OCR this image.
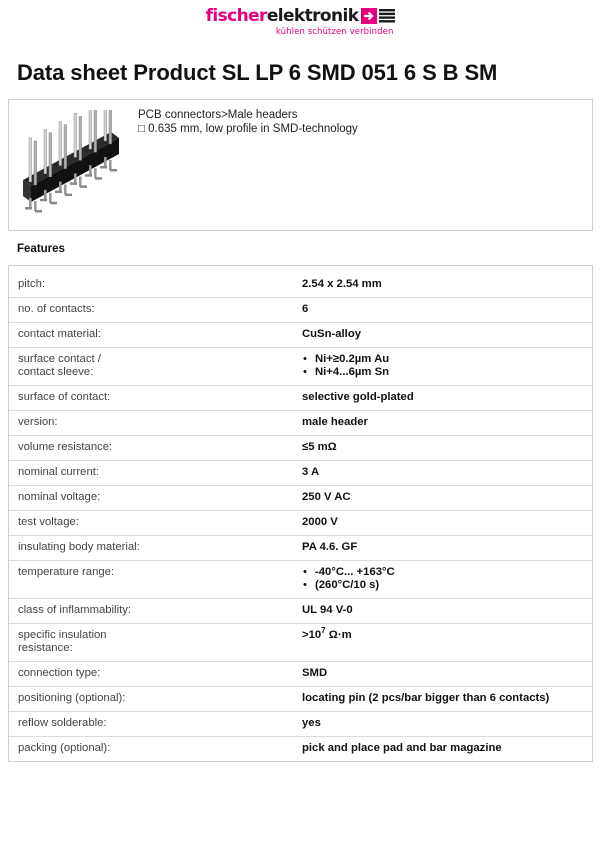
fischerelektronik
kühlen schützen verbinden
Data sheet Product SL LP 6 SMD 051 6 S B SM
PCB connectors>Male headers
□ 0.635 mm, low profile in SMD-technology
Features
pitch:	2.54 x 2.54 mm
no. of contacts:	6
contact material:	CuSn-alloy
surface contact /
contact sleeve:
• Ni+≥0.2µm Au
• Ni+4...6µm Sn
surface of contact:	selective gold-plated
version:	male header
volume resistance:	≤5 mΩ
nominal current:	3 A
nominal voltage:	250 V AC
test voltage:	2000 V
insulating body material:	PA 4.6. GF
temperature range:
•	-40°C... +163°C
• (260°C/10 s)
class of inflammability:	UL 94 V-0
specific insulation
resistance:
$>10^7$ Ω·m
connection type:	SMD
positioning (optional):	locating pin (2 pcs/bar bigger than 6 contacts)
reflow solderable:	yes
packing (optional):	pick and place pad and bar magazine
